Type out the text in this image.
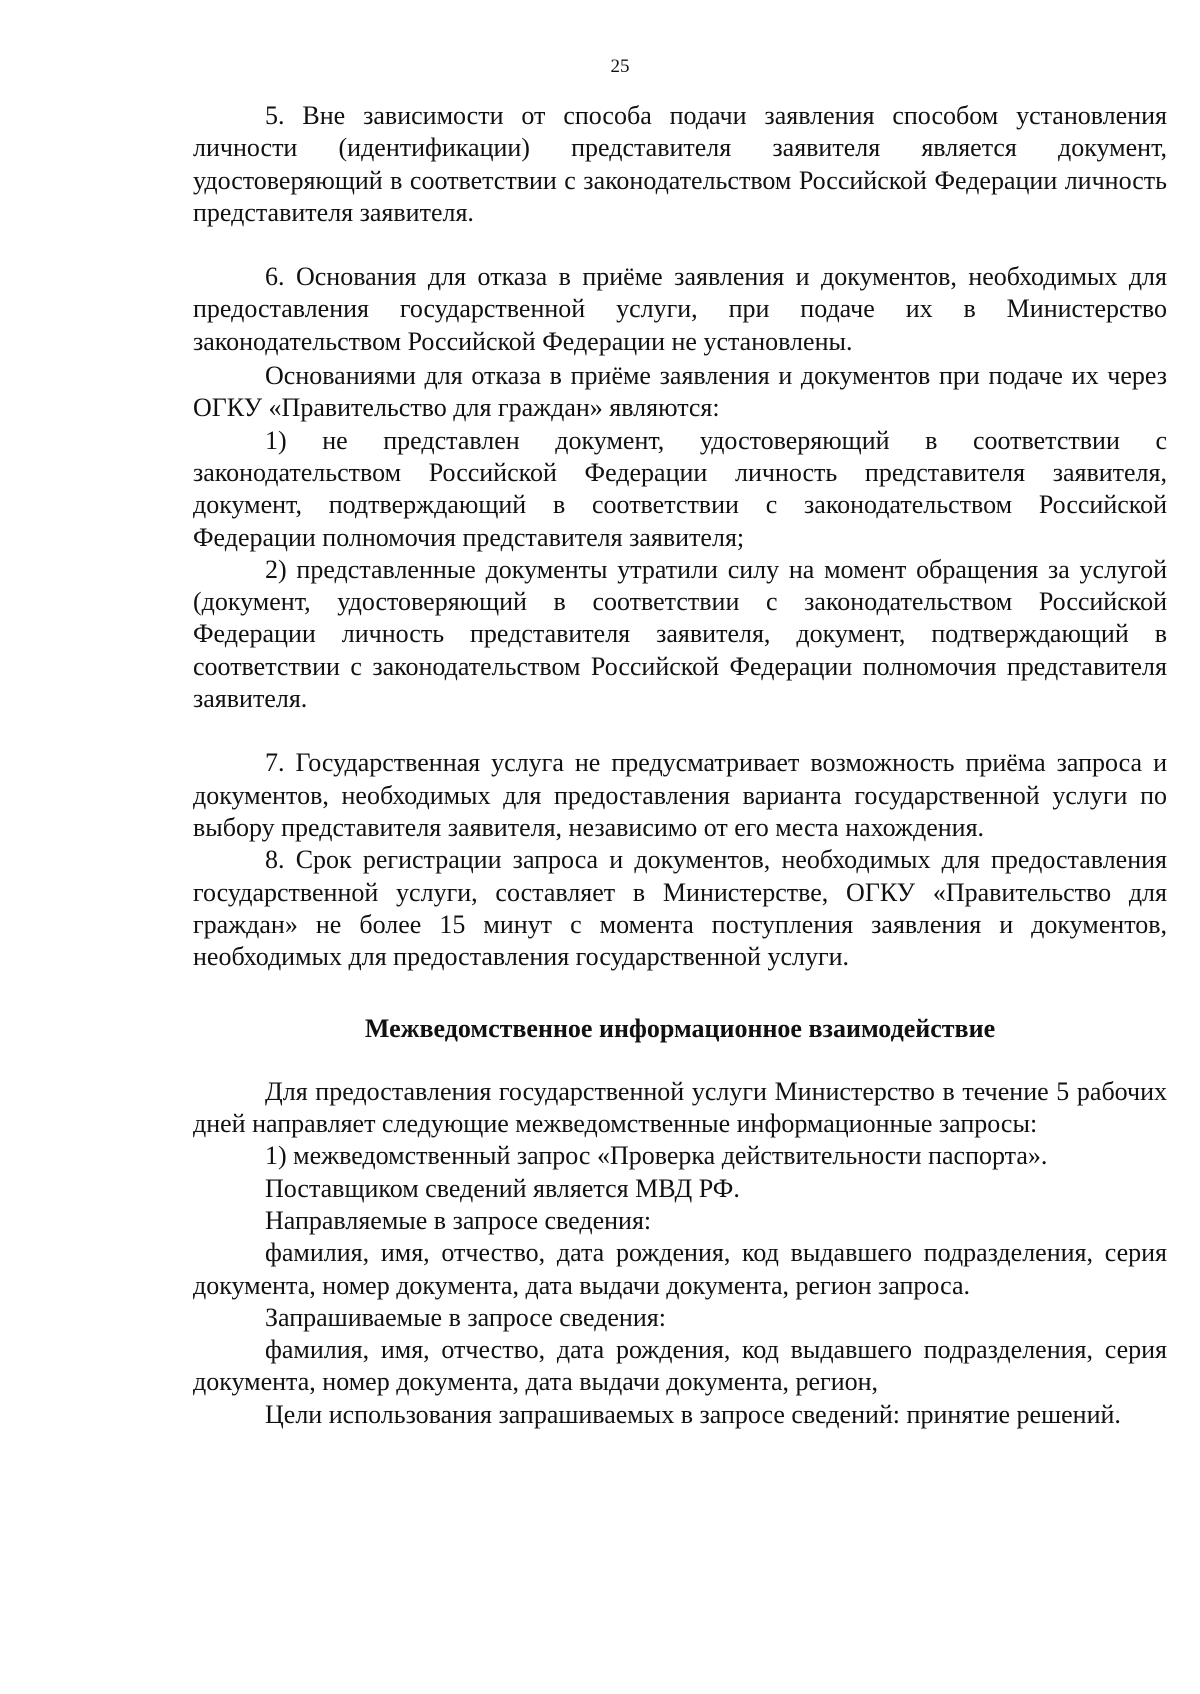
25

5. Вне зависимости от способа подачи заявления способом установления личности (идентификации) представителя заявителя является документ, удостоверяющий в соответствии с законодательством Российской Федерации личность представителя заявителя.

6. Основания для отказа в приёме заявления и документов, необходимых для предоставления государственной услуги, при подаче их в Министерство законодательством Российской Федерации не установлены.

Основаниями для отказа в приёме заявления и документов при подаче их через ОГКУ «Правительство для граждан» являются:

1) не представлен документ, удостоверяющий в соответствии с законодательством Российской Федерации личность представителя заявителя, документ, подтверждающий в соответствии с законодательством Российской Федерации полномочия представителя заявителя;

2) представленные документы утратили силу на момент обращения за услугой (документ, удостоверяющий в соответствии с законодательством Российской Федерации личность представителя заявителя, документ, подтверждающий в соответствии с законодательством Российской Федерации полномочия представителя заявителя.

7. Государственная услуга не предусматривает возможность приёма запроса и документов, необходимых для предоставления варианта государственной услуги по выбору представителя заявителя, независимо от его места нахождения.

8. Срок регистрации запроса и документов, необходимых для предоставления государственной услуги, составляет в Министерстве, ОГКУ «Правительство для граждан» не более 15 минут с момента поступления заявления и документов, необходимых для предоставления государственной услуги.

Межведомственное информационное взаимодействие

Для предоставления государственной услуги Министерство в течение 5 рабочих дней направляет следующие межведомственные информационные запросы:

1) межведомственный запрос «Проверка действительности паспорта».

Поставщиком сведений является МВД РФ.

Направляемые в запросе сведения:

фамилия, имя, отчество, дата рождения, код выдавшего подразделения, серия документа, номер документа, дата выдачи документа, регион запроса.

Запрашиваемые в запросе сведения:

фамилия, имя, отчество, дата рождения, код выдавшего подразделения, серия документа, номер документа, дата выдачи документа, регион,

Цели использования запрашиваемых в запросе сведений: принятие решений.
